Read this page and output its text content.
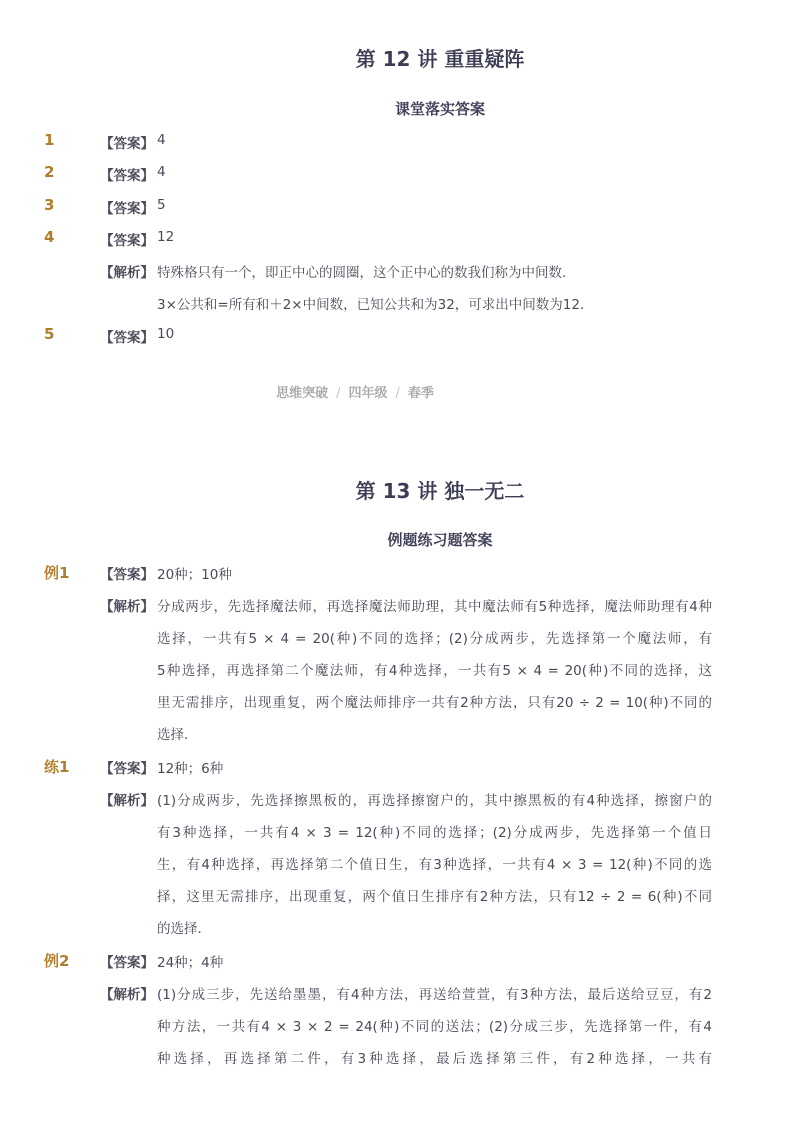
第 12 讲 重重疑阵
课堂落实答案
1	【答案】 4
2	【答案】 4
3	【答案】 5
4	【答案】 12
【解析】 特殊格只有一个，即正中心的圆圈，这个正中心的数我们称为中间数．
3×公共和=所有和＋2×中间数，已知公共和为32，可求出中间数为12．
5	【答案】 10
思维突破 / 四年级 / 春季
第 13 讲 独一无二
例题练习题答案
例1 【答案】 20种；10种
【解析】 分成两步，先选择魔法师，再选择魔法师助理，其中魔法师有5种选择，魔法师助理有4种
选择，一共有5 × 4 = 20(种)不同的选择；(2)分成两步，先选择第一个魔法师，有
5种选择，再选择第二个魔法师，有4种选择，一共有5 × 4 = 20(种)不同的选择，这
里无需排序，出现重复，两个魔法师排序一共有2种方法，只有20 ÷ 2 = 10(种)不同的
选择．
练1 【答案】 12种；6种
【解析】 (1)分成两步，先选择擦黑板的，再选择擦窗户的，其中擦黑板的有4种选择，擦窗户的
有3种选择，一共有4 × 3 = 12(种)不同的选择；(2)分成两步，先选择第一个值日
生，有4种选择，再选择第二个值日生，有3种选择，一共有4 × 3 = 12(种)不同的选
择，这里无需排序，出现重复，两个值日生排序有2种方法，只有12 ÷ 2 = 6(种)不同
的选择．
例2 【答案】 24种；4种
【解析】 (1)分成三步，先送给墨墨，有4种方法，再送给萱萱，有3种方法，最后送给豆豆，有2
种方法，一共有4 × 3 × 2 = 24(种)不同的送法；(2)分成三步，先选择第一件，有4
种选择，再选择第二件，有3种选择，最后选择第三件，有2种选择，一共有
